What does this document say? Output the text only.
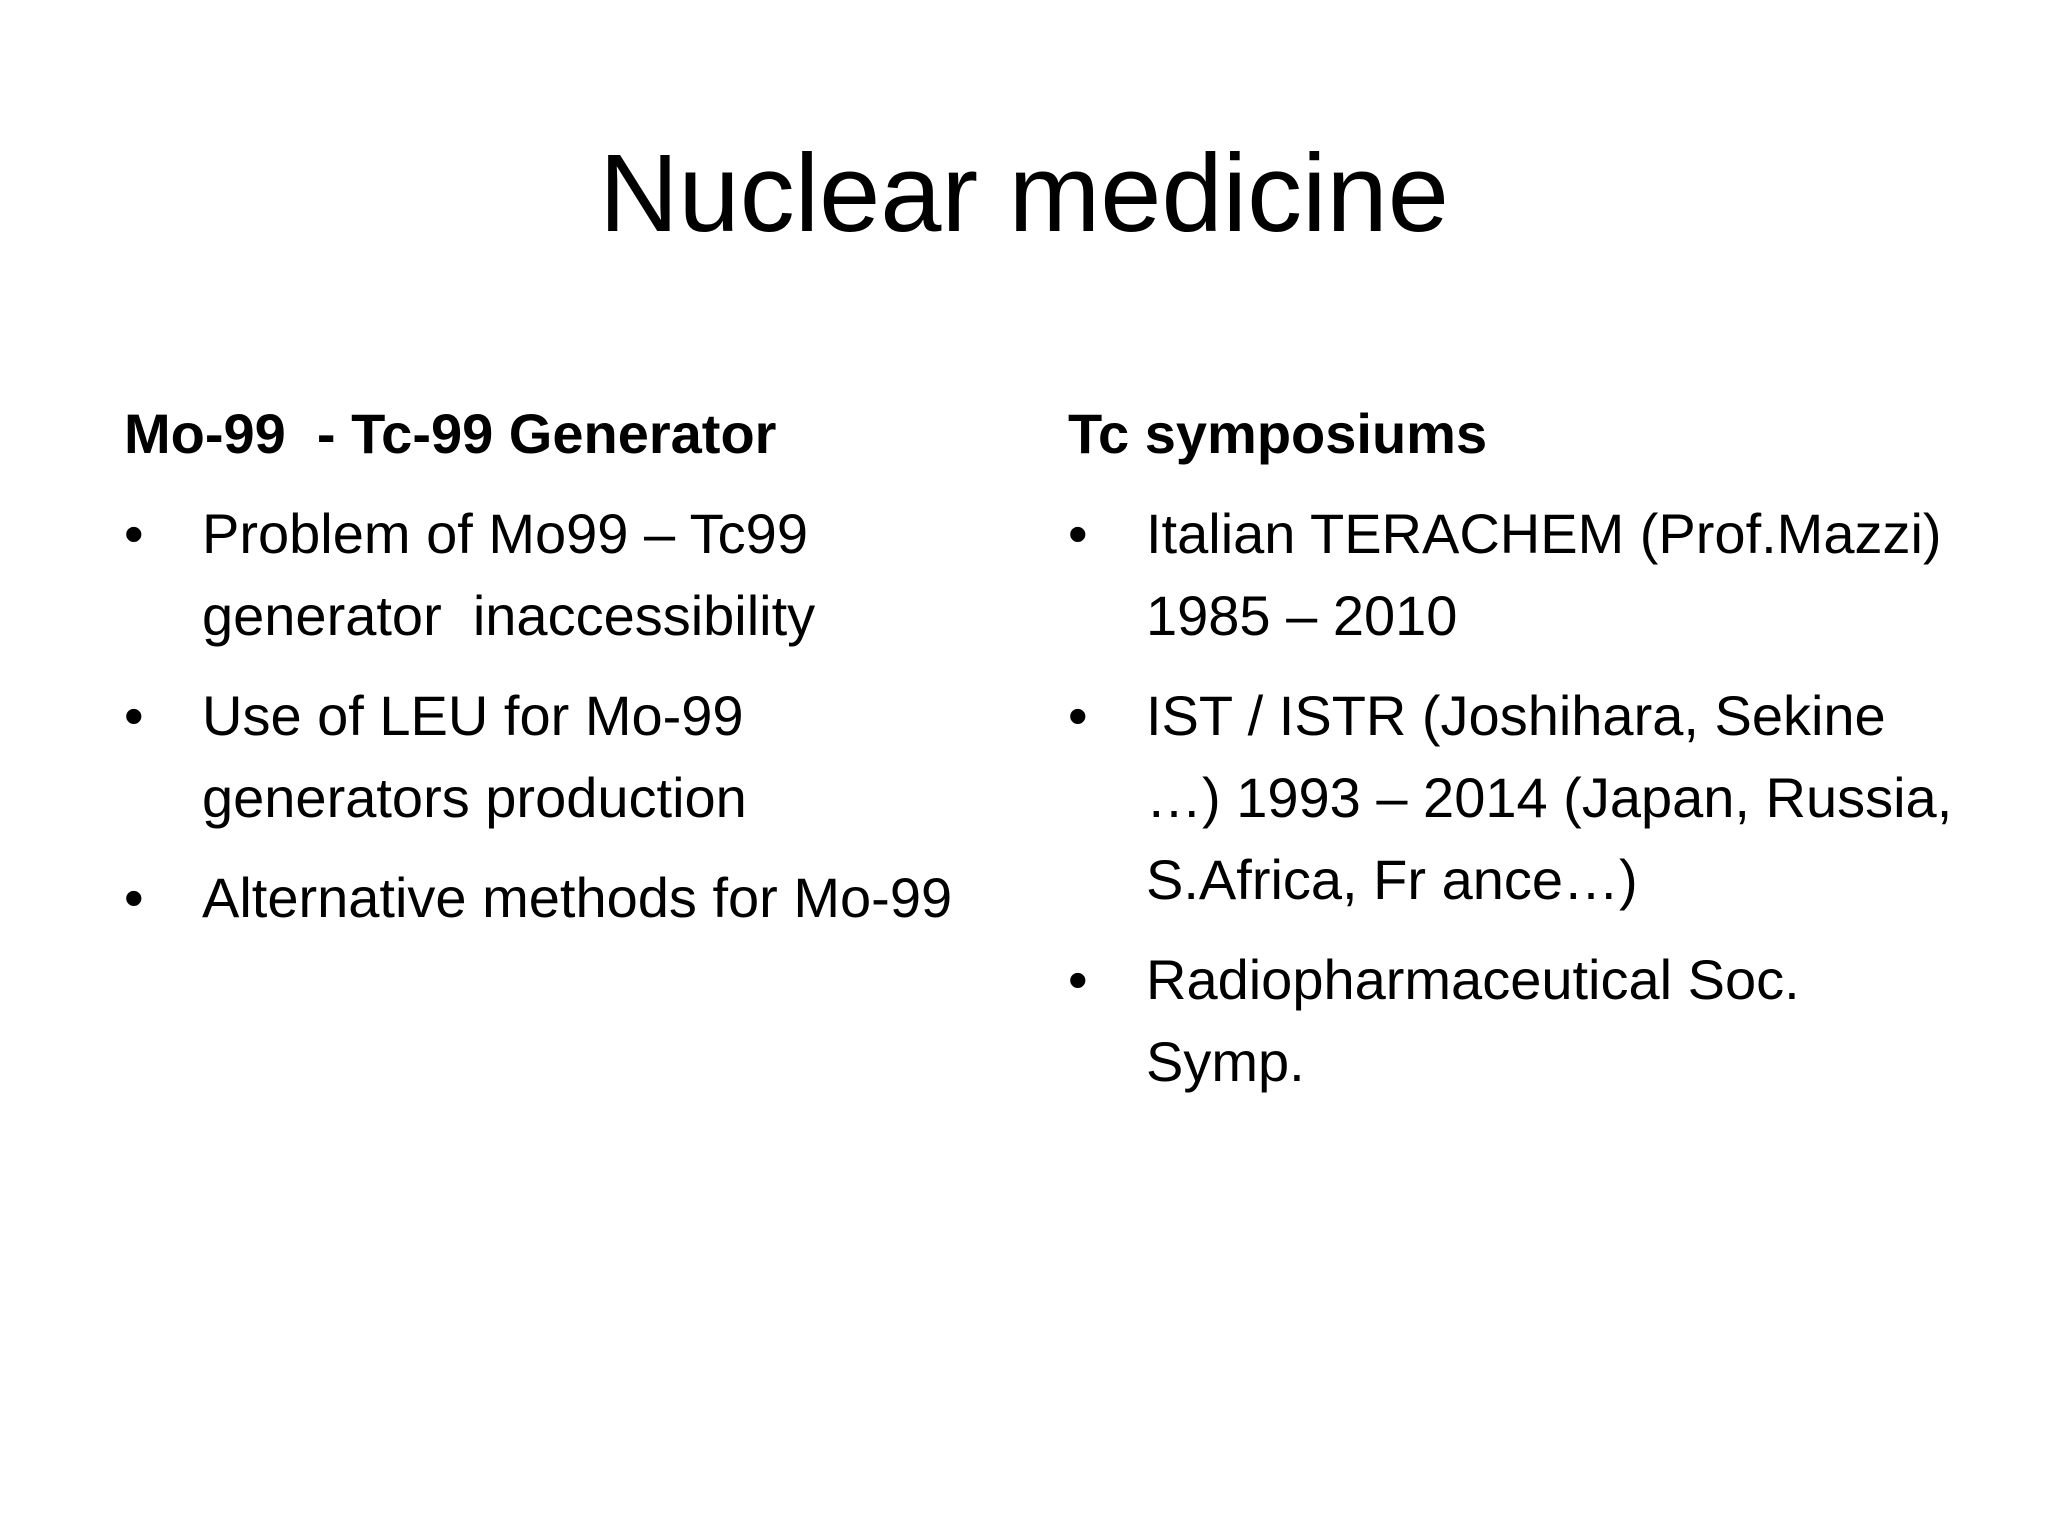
Nuclear medicine
Mo-99  - Tc-99 Generator
•	Problem of Mo99 – Tc99 generator  inaccessibility
•	Use of LEU for Mo-99 generators production
•	Alternative methods for Mo-99
Tc symposiums
•	Italian TERACHEM (Prof.Mazzi) 1985 – 2010
•	IST / ISTR (Joshihara, Sekine …) 1993 – 2014 (Japan, Russia, S.Africa, Fr ance…)
•	Radiopharmaceutical Soc. Symp.
